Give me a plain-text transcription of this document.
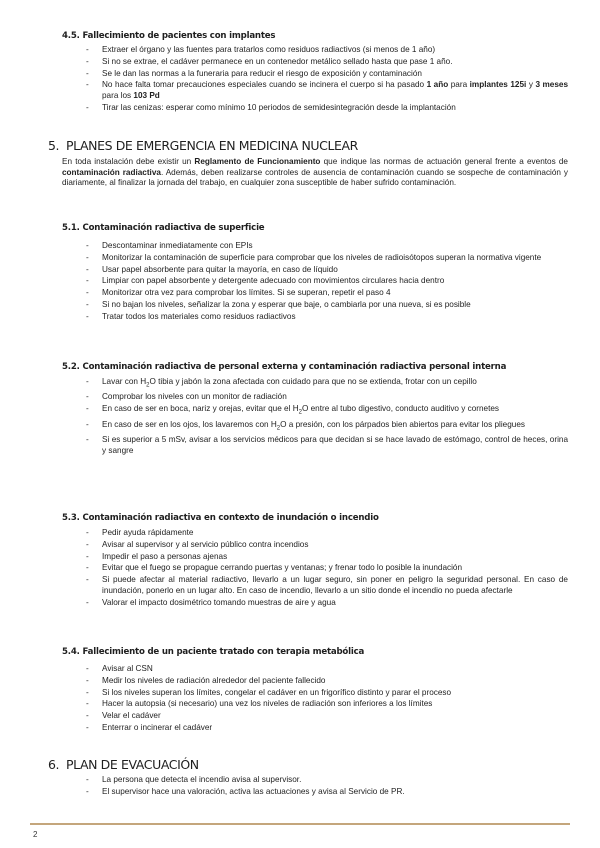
4.5. Fallecimiento de pacientes con implantes
- Extraer el órgano y las fuentes para tratarlos como residuos radiactivos (si menos de 1 año)
- Si no se extrae, el cadáver permanece en un contenedor metálico sellado hasta que pase 1 año.
- Se le dan las normas a la funeraria para reducir el riesgo de exposición y contaminación
- No hace falta tomar precauciones especiales cuando se incinera el cuerpo si ha pasado 1 año para implantes 125i y 3 meses para los 103 Pd
- Tirar las cenizas: esperar como mínimo 10 periodos de semidesintegración desde la implantación
5. PLANES DE EMERGENCIA EN MEDICINA NUCLEAR

En toda instalación debe existir un Reglamento de Funcionamiento que indique las normas de actuación general frente a eventos de contaminación radiactiva. Además, deben realizarse controles de ausencia de contaminación cuando se sospeche de contaminación y diariamente, al finalizar la jornada del trabajo, en cualquier zona susceptible de haber sufrido contaminación.

5.1. Contaminación radiactiva de superficie
- Descontaminar inmediatamente con EPIs
- Monitorizar la contaminación de superficie para comprobar que los niveles de radioisótopos superan la normativa vigente
- Usar papel absorbente para quitar la mayoría, en caso de líquido
- Limpiar con papel absorbente y detergente adecuado con movimientos circulares hacia dentro
- Monitorizar otra vez para comprobar los límites. Si se superan, repetir el paso 4
- Si no bajan los niveles, señalizar la zona y esperar que baje, o cambiarla por una nueva, si es posible
- Tratar todos los materiales como residuos radiactivos
5.2. Contaminación radiactiva de personal externa y contaminación radiactiva personal interna
- Lavar con $H_2O$ tibia y jabón la zona afectada con cuidado para que no se extienda, frotar con un cepillo
- Comprobar los niveles con un monitor de radiación
- En caso de ser en boca, nariz y orejas, evitar que el $H_2O$ entre al tubo digestivo, conducto auditivo y cornetes
- En caso de ser en los ojos, los lavaremos con $H_2O$ a presión, con los párpados bien abiertos para evitar los pliegues
- Si es superior a 5 mSv, avisar a los servicios médicos para que decidan si se hace lavado de estómago, control de heces, orina y sangre
5.3. Contaminación radiactiva en contexto de inundación o incendio
- Pedir ayuda rápidamente
- Avisar al supervisor y al servicio público contra incendios
- Impedir el paso a personas ajenas
- Evitar que el fuego se propague cerrando puertas y ventanas; y frenar todo lo posible la inundación
- Si puede afectar al material radiactivo, llevarlo a un lugar seguro, sin poner en peligro la seguridad personal. En caso de inundación, ponerlo en un lugar alto. En caso de incendio, llevarlo a un sitio donde el incendio no pueda afectarle
- Valorar el impacto dosimétrico tomando muestras de aire y agua
5.4. Fallecimiento de un paciente tratado con terapia metabólica
- Avisar al CSN
- Medir los niveles de radiación alrededor del paciente fallecido
- Si los niveles superan los límites, congelar el cadáver en un frigorífico distinto y parar el proceso
- Hacer la autopsia (si necesario) una vez los niveles de radiación son inferiores a los límites
- Velar el cadáver
- Enterrar o incinerar el cadáver
6. PLAN DE EVACUACIÓN
- La persona que detecta el incendio avisa al supervisor.
- El supervisor hace una valoración, activa las actuaciones y avisa al Servicio de PR.
2
